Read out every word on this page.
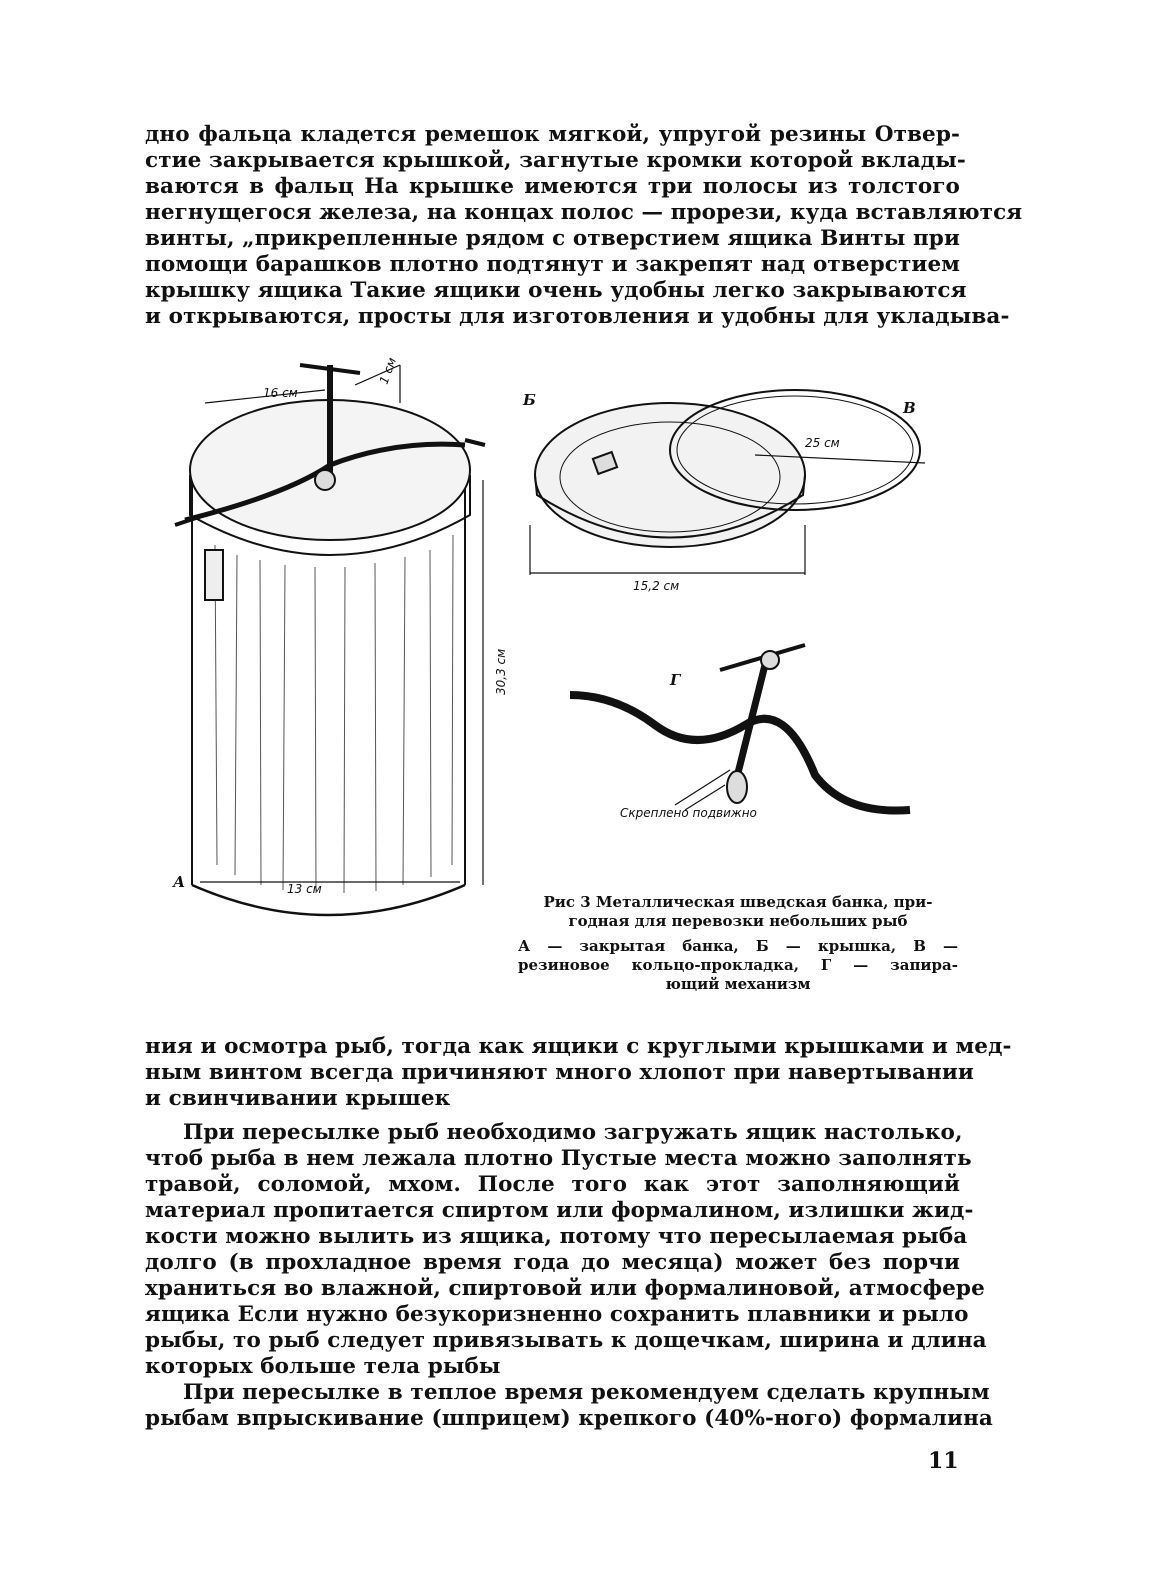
дно фальца кладется ремешок мягкой, упругой резины Отвер-
стие закрывается крышкой, загнутые кромки которой вклады-
ваются в фальц На крышке имеются три полосы из толстого
негнущегося железа, на концах полос — прорези, куда вставляются
винты, „прикрепленные рядом с отверстием ящика Винты при
помощи барашков плотно подтянут и закрепят над отверстием
крышку ящика Такие ящики очень удобны легко закрываются
и открываются, просты для изготовления и удобны для укладыва-
16 см
1 см
30,3 см
13 см
А
25 см
15,2 см
Б	В
Г
Скреплено подвижно
Рис 3 Металлическая шведская банка, при-
годная для перевозки небольших рыб
А — закрытая банка, Б — крышка, В —
резиновое кольцо-прокладка, Г — запира-
ющий механизм
ния и осмотра рыб, тогда как ящики с круглыми крышками и мед-
ным винтом всегда причиняют много хлопот при навертывании
и свинчивании крышек
При пересылке рыб необходимо загружать ящик настолько,
чтоб рыба в нем лежала плотно Пустые места можно заполнять
травой, соломой, мхом. После того как этот заполняющий
материал пропитается спиртом или формалином, излишки жид-
кости можно вылить из ящика, потому что пересылаемая рыба
долго (в прохладное время года до месяца) может без порчи
храниться во влажной, спиртовой или формалиновой, атмосфере
ящика Если нужно безукоризненно сохранить плавники и рыло
рыбы, то рыб следует привязывать к дощечкам, ширина и длина
которых больше тела рыбы
При пересылке в теплое время рекомендуем сделать крупным
рыбам впрыскивание (шприцем) крепкого (40%-ного) формалина
11
